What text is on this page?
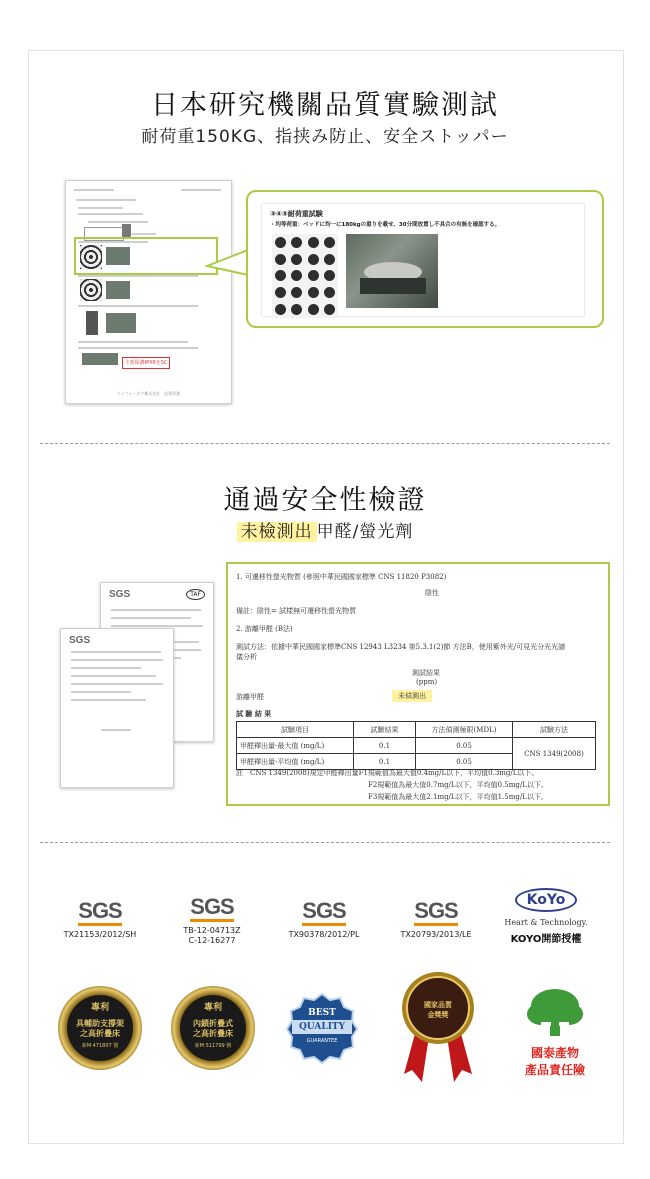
日本研究機關品質實驗測試
耐荷重150KG、指挟み防止、安全ストッパー
主要保護IPX6をSC
ライフォーテク株式会社　品質管理
③④⑤耐荷重試験
・均等荷重：ベッドに均一に180kgの重りを載せ、30分間放置し不具合の有無を確認する。
通過安全性檢證
未檢測出 甲醛/螢光劑
SGS	TAF
SGS
1. 可遷移性螢光物質 (參照中華民國國家標準 CNS 11820 P3082)
陰性
備註：陰性= 試樣無可遷移性螢光物質
2. 游離甲醛 (B法)
測試方法：依據中華民國國家標準CNS 12943 L3234 第5.3.1(2)節 方法B，使用紫外光/可見光分光光譜儀分析
測試結果
(ppm)
游離甲醛	未偵測出
試 驗 結 果
試驗項目	試驗結果	方法偵測極限(MDL)	試驗方法
甲醛釋出量-最大值 (mg/L)	0.1	0.05	CNS 1349(2008)
甲醛釋出量-平均值 (mg/L)	0.1	0.05	
註　CNS 1349(2008)規定甲醛釋出量F1規範值為最大值0.4mg/L以下，平均值0.3mg/L以下。
F2規範值為最大值0.7mg/L以下，平均值0.5mg/L以下。
F3規範值為最大值2.1mg/L以下，平均值1.5mg/L以下。
SGS
TX21153/2012/SH
SGS
TB-12-04713Z
C-12-16277
SGS
TX90378/2012/PL
SGS
TX20793/2013/LE
KoYo
Heart & Technology.
KOYO開節授權
專利
具輔助支撐架
之高折疊床
新M 471807 號
專利
內鎖折疊式
之高折疊床
新M 511799 號
BEST
QUALITY
GUARANTEE
國家品質
金獎獎
國泰產物
產品責任險
